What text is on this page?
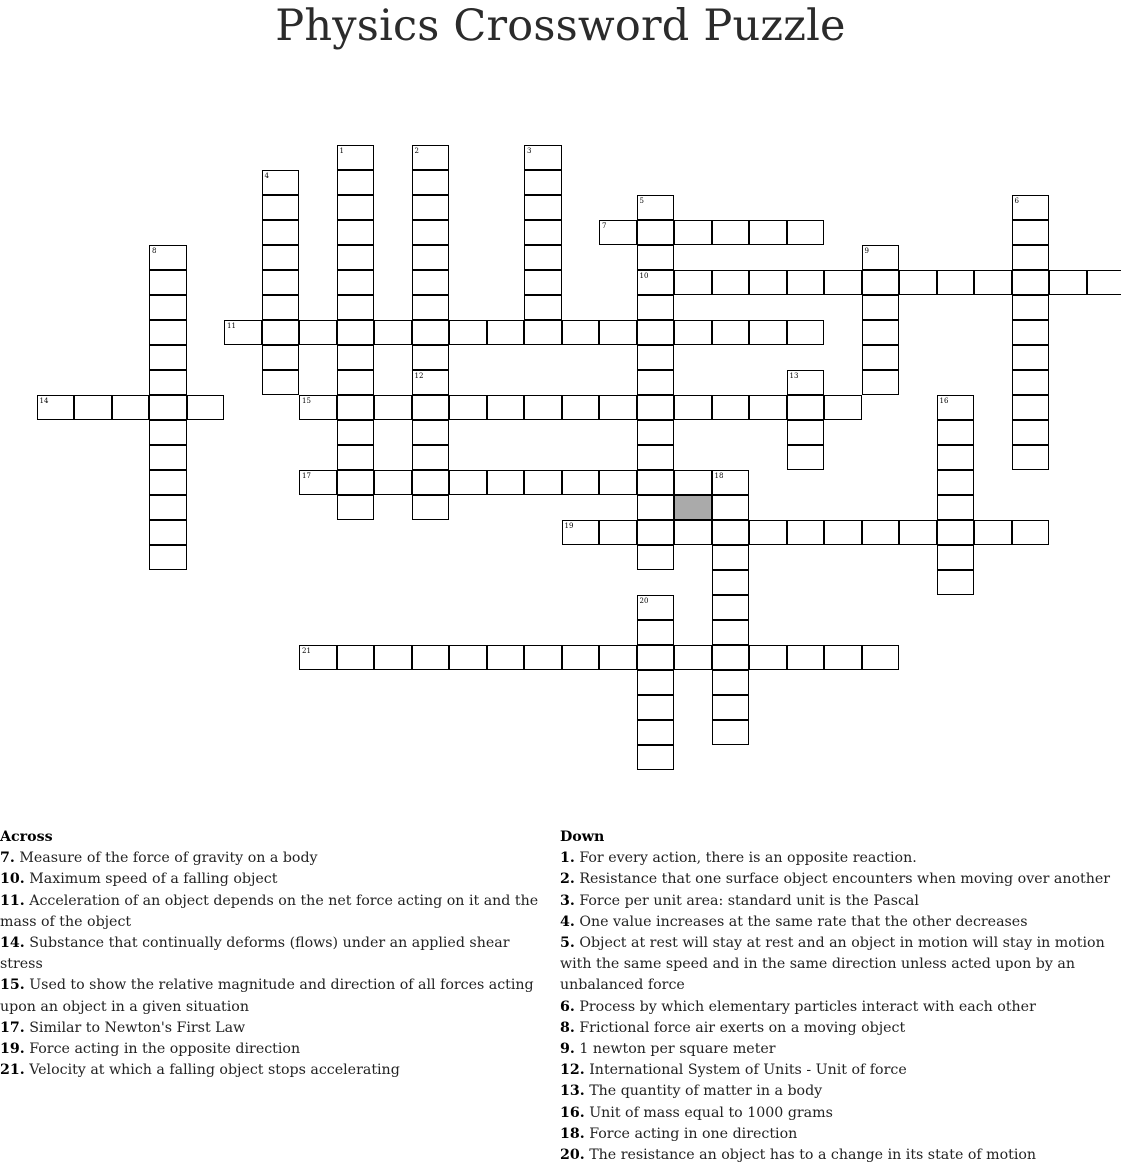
Physics Crossword Puzzle
7
10
11
14	15
17	18
19
21
1	2
12
3
4
5	6
8	9
13
16
20
Across
7. Measure of the force of gravity on a body
10. Maximum speed of a falling object
11. Acceleration of an object depends on the net force acting on it and the mass of the object
14. Substance that continually deforms (flows) under an applied shear stress
15. Used to show the relative magnitude and direction of all forces acting upon an object in a given situation
17. Similar to Newton's First Law
19. Force acting in the opposite direction
21. Velocity at which a falling object stops accelerating
Down
1. For every action, there is an opposite reaction.
2. Resistance that one surface object encounters when moving over another
3. Force per unit area: standard unit is the Pascal
4. One value increases at the same rate that the other decreases
5. Object at rest will stay at rest and an object in motion will stay in motion with the same speed and in the same direction unless acted upon by an unbalanced force
6. Process by which elementary particles interact with each other
8. Frictional force air exerts on a moving object
9. 1 newton per square meter
12. International System of Units - Unit of force
13. The quantity of matter in a body
16. Unit of mass equal to 1000 grams
18. Force acting in one direction
20. The resistance an object has to a change in its state of motion
